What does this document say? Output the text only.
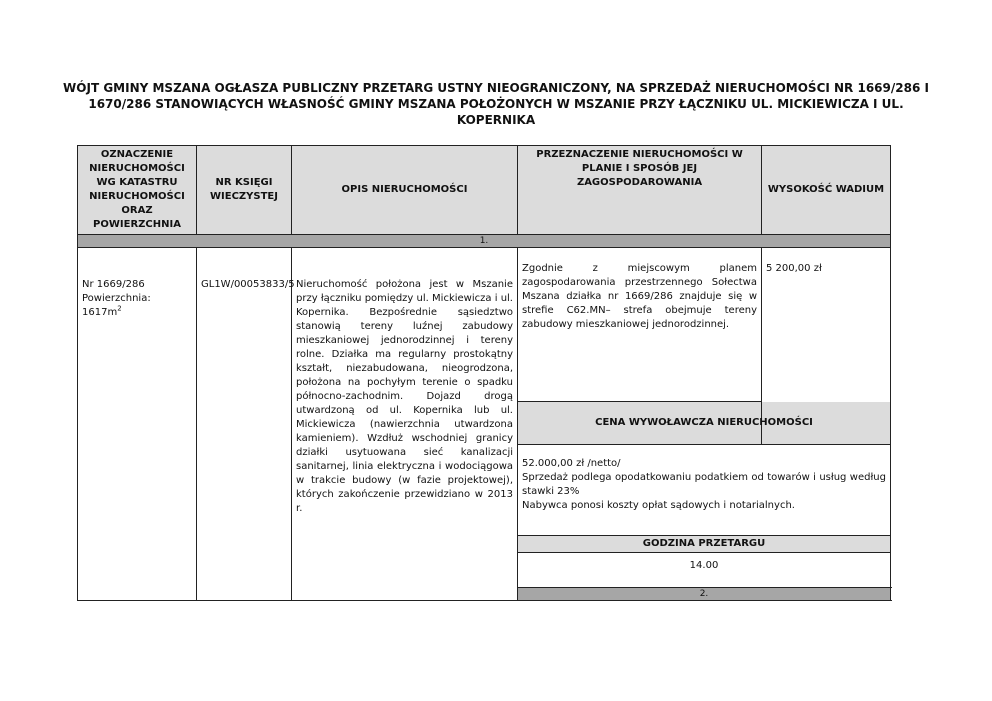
WÓJT GMINY MSZANA OGŁASZA PUBLICZNY PRZETARG USTNY NIEOGRANICZONY, NA SPRZEDAŻ NIERUCHOMOŚCI NR 1669/286 I 1670/286 STANOWIĄCYCH WŁASNOŚĆ GMINY MSZANA POŁOŻONYCH W MSZANIE PRZY ŁĄCZNIKU UL. MICKIEWICZA I UL. KOPERNIKA
OZNACZENIE NIERUCHOMOŚCI WG KATASTRU NIERUCHOMOŚCI ORAZ POWIERZCHNIA	NR KSIĘGI WIECZYSTEJ	OPIS NIERUCHOMOŚCI	PRZEZNACZENIE NIERUCHOMOŚCI W PLANIE I SPOSÓB JEJ ZAGOSPODAROWANIA	WYSOKOŚĆ WADIUM
1.				

Nr 1669/286
Powierzchnia: $1617m^2$	GL1W/00053833/5	Nieruchomość położona jest w Mszanie przy łączniku pomiędzy ul. Mickiewicza i ul. Kopernika. Bezpośrednie sąsiedztwo stanowią tereny luźnej zabudowy mieszkaniowej jednorodzinnej i tereny rolne. Działka ma regularny prostokątny kształt, niezabudowana, nieogrodzona, położona na pochyłym terenie o spadku północno-zachodnim. Dojazd drogą utwardzoną od ul. Kopernika lub ul. Mickiewicza (nawierzchnia utwardzona kamieniem). Wzdłuż wschodniej granicy działki usytuowana sieć kanalizacji sanitarnej, linia elektryczna i wodociągowa w trakcie budowy (w fazie projektowej), których zakończenie przewidziano w 2013 r.	Zgodnie z miejscowym planem zagospodarowania przestrzennego Sołectwa Mszana działka nr 1669/286 znajduje się w strefie C62.MN– strefa obejmuje tereny zabudowy mieszkaniowej jednorodzinnej.	5 200,00 zł
			CENA WYWOŁAWCZA NIERUCHOMOŚCI	

			52.000,00 zł /netto/
Sprzedaż podlega opodatkowaniu podatkiem od towarów i usług według stawki 23%
Nabywca ponosi koszty opłat sądowych i notarialnych.	

			GODZINA PRZETARGU	
			14.00	
			2.	
